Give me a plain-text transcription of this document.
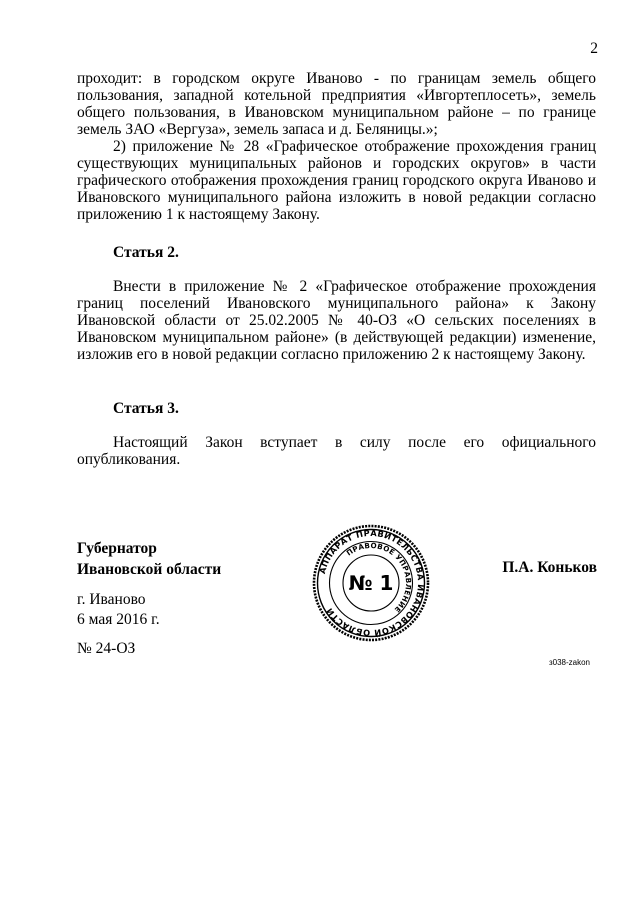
2

проходит: в городском округе Иваново - по границам земель общего пользования, западной котельной предприятия «Ивгортеплосеть», земель общего пользования, в Ивановском муниципальном районе – по границе земель ЗАО «Вергуза», земель запаса и д. Беляницы.»;

2) приложение № 28 «Графическое отображение прохождения границ существующих муниципальных районов и городских округов» в части графического отображения прохождения границ городского округа Иваново и Ивановского муниципального района изложить в новой редакции согласно приложению 1 к настоящему Закону.

Статья 2.

Внести в приложение № 2 «Графическое отображение прохождения границ поселений Ивановского муниципального района» к Закону Ивановской области от 25.02.2005 № 40-ОЗ «О сельских поселениях в Ивановском муниципальном районе» (в действующей редакции) изменение, изложив его в новой редакции согласно приложению 2 к настоящему Закону.

Статья 3.

Настоящий Закон вступает в силу после его официального опубликования.

Губернатор
Ивановской области	П.А. Коньков
г. Иваново
6 мая 2016 г.
№ 24-ОЗ
з038-zakon
АППАРАТ ПРАВИТЕЛЬСТВА ИВАНОВСКОЙ ОБЛАСТИ
ПРАВОВОЕ УПРАВЛЕНИЕ
№ 1
